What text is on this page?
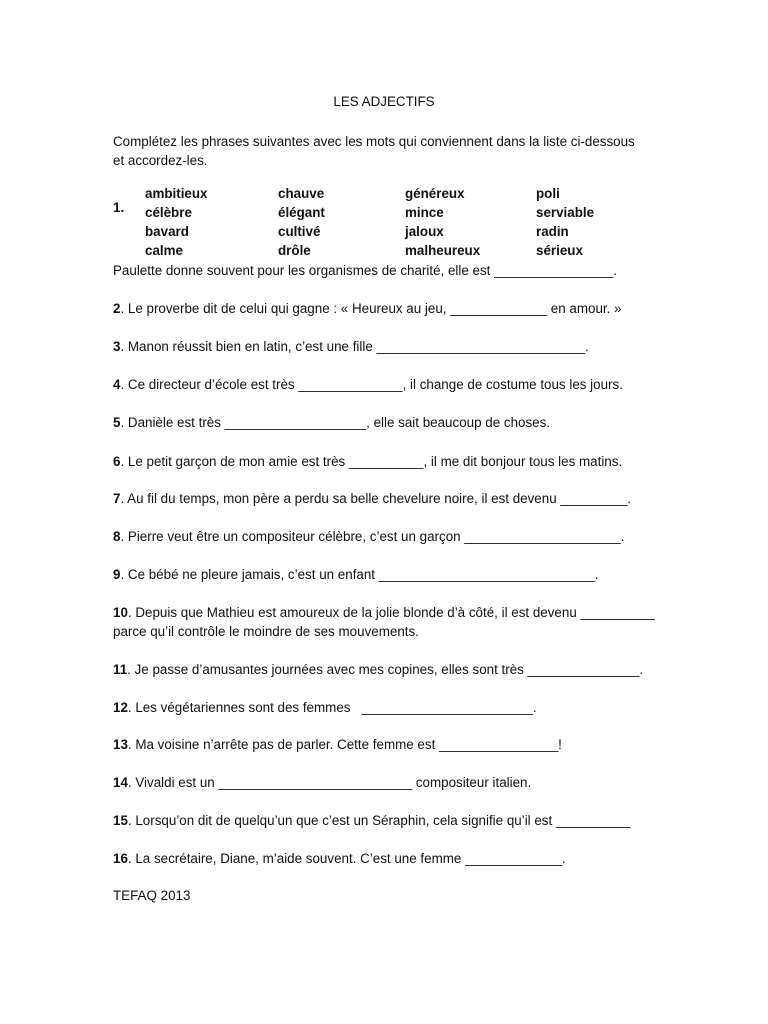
LES ADJECTIFS
Complétez les phrases suivantes avec les mots qui conviennent dans la liste ci-dessous
et accordez-les.
1.
ambitieux	chauve	généreux	poli
célèbre	élégant	mince	serviable
bavard	cultivé	jaloux	radin
calme	drôle	malheureux	sérieux
Paulette donne souvent pour les organismes de charité, elle est ________________.
2. Le proverbe dit de celui qui gagne : « Heureux au jeu, _____________ en amour. »
3. Manon réussit bien en latin, c’est une fille ____________________________.
4. Ce directeur d’école est très ______________, il change de costume tous les jours.
5. Danièle est très ___________________, elle sait beaucoup de choses.
6. Le petit garçon de mon amie est très __________, il me dit bonjour tous les matins.
7. Au fil du temps, mon père a perdu sa belle chevelure noire, il est devenu _________.
8. Pierre veut être un compositeur célèbre, c’est un garçon _____________________.
9. Ce bébé ne pleure jamais, c’est un enfant _____________________________.
10. Depuis que Mathieu est amoureux de la jolie blonde d’à côté, il est devenu __________
parce qu’il contrôle le moindre de ses mouvements.
11. Je passe d’amusantes journées avec mes copines, elles sont très _______________.
12. Les végétariennes sont des femmes   _______________________.
13. Ma voisine n’arrête pas de parler. Cette femme est ________________!
14. Vivaldi est un __________________________ compositeur italien.
15. Lorsqu’on dit de quelqu’un que c’est un Séraphin, cela signifie qu’il est __________
16. La secrétaire, Diane, m’aide souvent. C’est une femme _____________.
TEFAQ 2013
